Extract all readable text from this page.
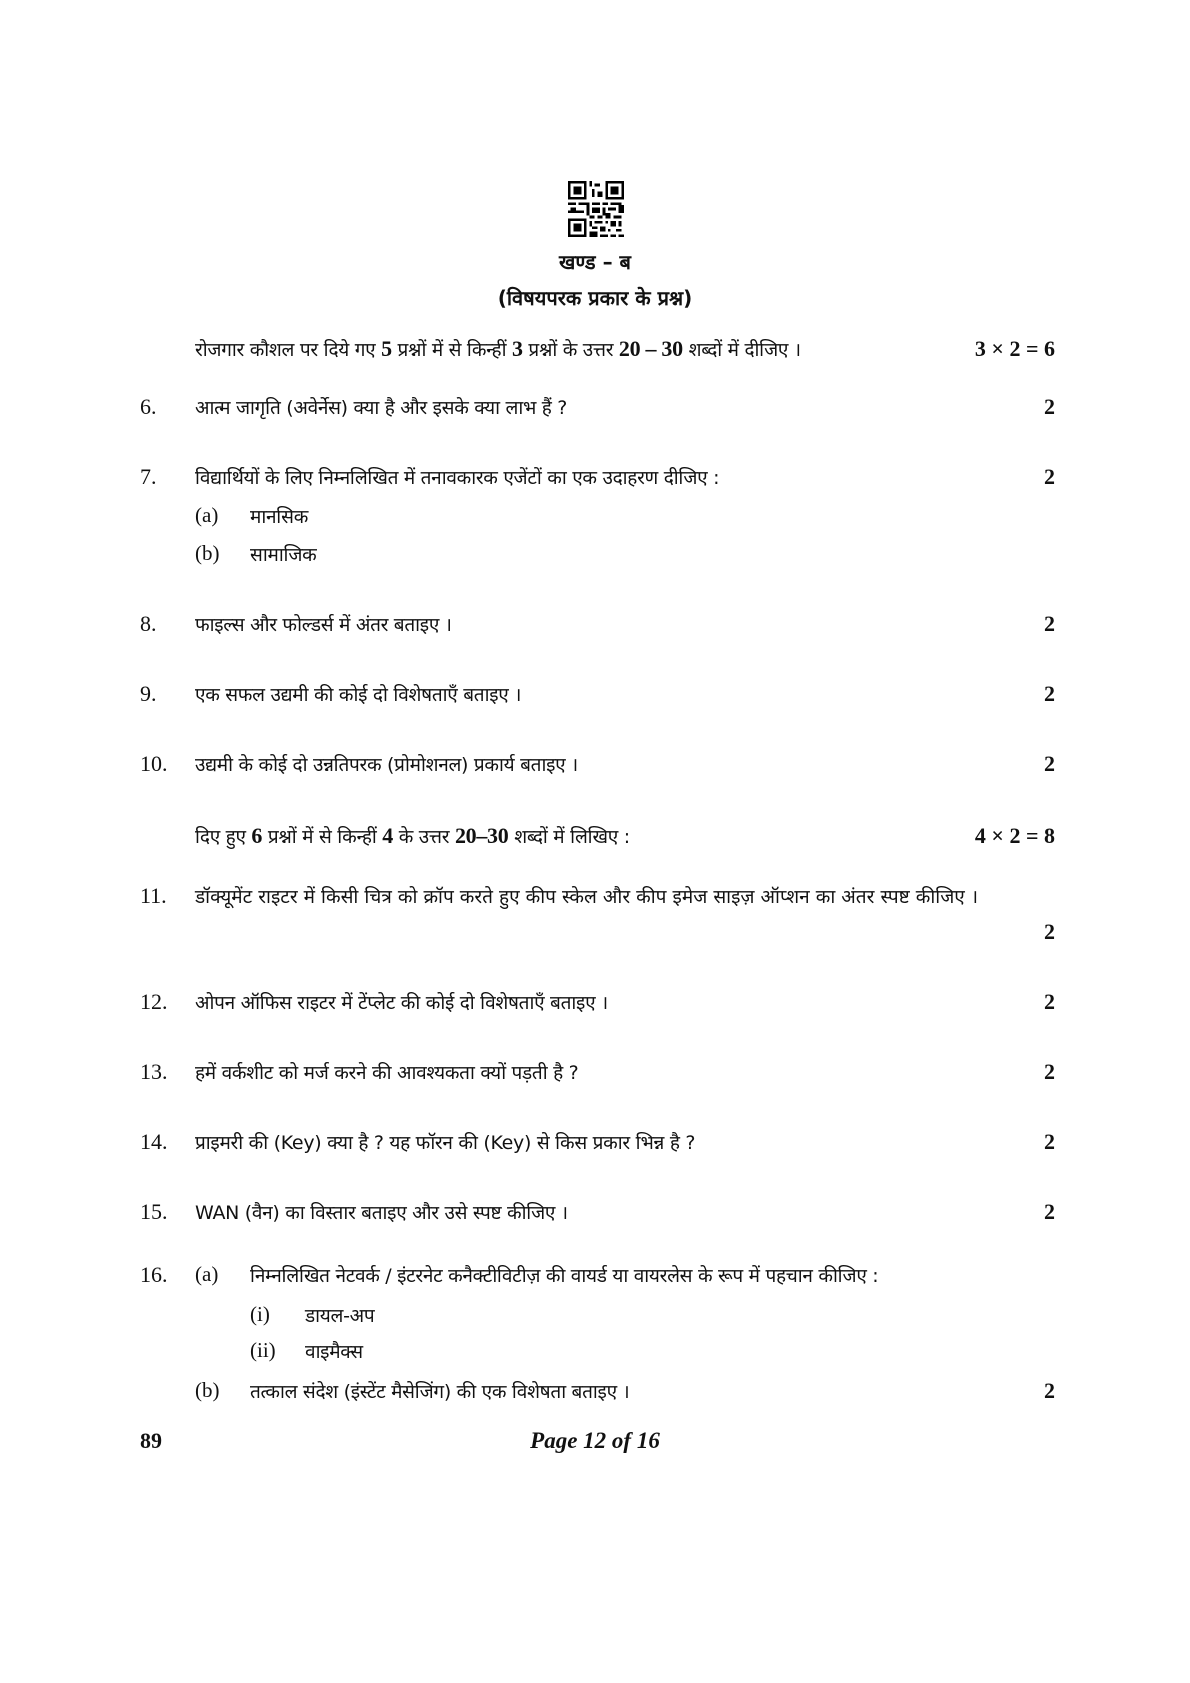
खण्ड – ब
(विषयपरक प्रकार के प्रश्न)
रोजगार कौशल पर दिये गए 5 प्रश्नों में से किन्हीं 3 प्रश्नों के उत्तर 20 – 30 शब्दों में दीजिए ।	3 × 2 = 6
6. आत्म जागृति (अवेर्नेस) क्या है और इसके क्या लाभ हैं ?	2
7. विद्यार्थियों के लिए निम्नलिखित में तनावकारक एजेंटों का एक उदाहरण दीजिए :	2
(a) मानसिक
(b) सामाजिक
8. फाइल्स और फोल्डर्स में अंतर बताइए ।	2
9. एक सफल उद्यमी की कोई दो विशेषताएँ बताइए ।	2
10. उद्यमी के कोई दो उन्नतिपरक (प्रोमोशनल) प्रकार्य बताइए ।	2
दिए हुए 6 प्रश्नों में से किन्हीं 4 के उत्तर 20–30 शब्दों में लिखिए :	4 × 2 = 8
11. डॉक्यूमेंट राइटर में किसी चित्र को क्रॉप करते हुए कीप स्केल और कीप इमेज साइज़ ऑप्शन का अंतर स्पष्ट कीजिए ।
2
12. ओपन ऑफिस राइटर में टेंप्लेट की कोई दो विशेषताएँ बताइए ।	2
13. हमें वर्कशीट को मर्ज करने की आवश्यकता क्यों पड़ती है ?	2
14. प्राइमरी की (Key) क्या है ? यह फॉरन की (Key) से किस प्रकार भिन्न है ?	2
15. WAN (वैन) का विस्तार बताइए और उसे स्पष्ट कीजिए ।	2
16. (a) निम्नलिखित नेटवर्क / इंटरनेट कनैक्टीविटीज़ की वायर्ड या वायरलेस के रूप में पहचान कीजिए :
(i) डायल-अप
(ii) वाइमैक्स
(b) तत्काल संदेश (इंस्टेंट मैसेजिंग) की एक विशेषता बताइए ।	2
89	Page 12 of 16
